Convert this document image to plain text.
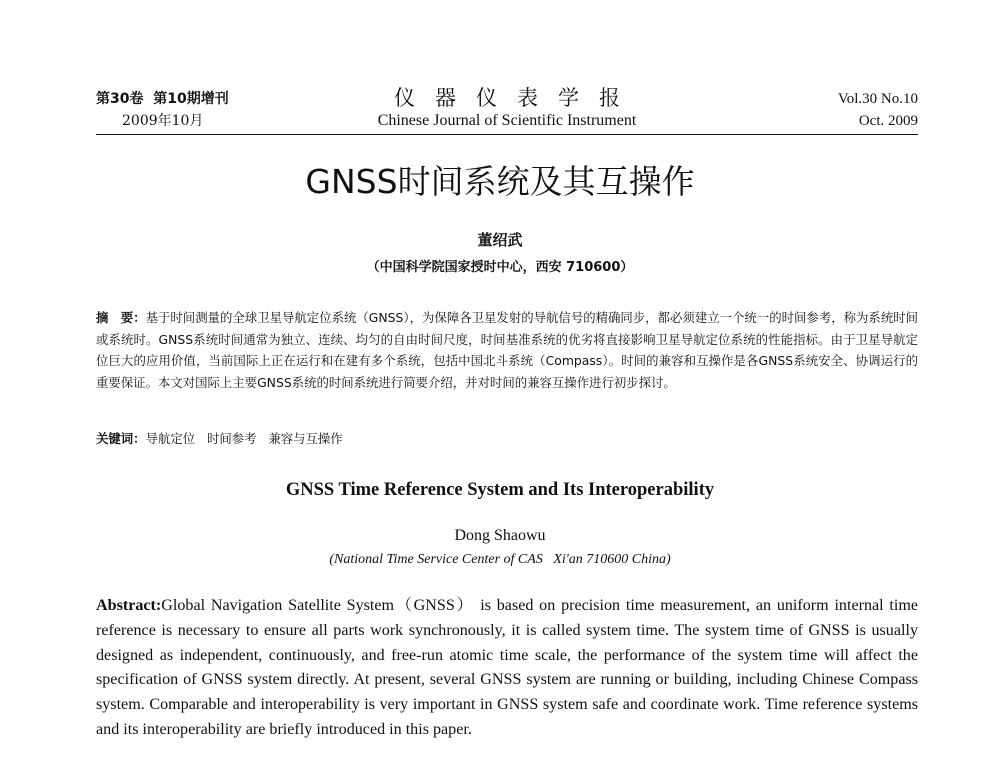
第30卷  第10期增刊
2009年10月
仪器仪表学报
Chinese Journal of Scientific Instrument
Vol.30 No.10
Oct. 2009
GNSS时间系统及其互操作
董绍武
（中国科学院国家授时中心，西安 710600）
摘　要：基于时间测量的全球卫星导航定位系统（GNSS），为保障各卫星发射的导航信号的精确同步，都必须建立一个统一的时间参考，称为系统时间或系统时。GNSS系统时间通常为独立、连续、均匀的自由时间尺度，时间基准系统的优劣将直接影响卫星导航定位系统的性能指标。由于卫星导航定位巨大的应用价值，当前国际上正在运行和在建有多个系统，包括中国北斗系统（Compass）。时间的兼容和互操作是各GNSS系统安全、协调运行的重要保证。本文对国际上主要GNSS系统的时间系统进行简要介绍，并对时间的兼容互操作进行初步探讨。
关键词：导航定位   时间参考   兼容与互操作
GNSS Time Reference System and Its Interoperability
Dong Shaowu
(National Time Service Center of CAS   Xi'an 710600 China)
Abstract:Global Navigation Satellite System（GNSS） is based on precision time measurement, an uniform internal time reference is necessary to ensure all parts work synchronously, it is called system time. The system time of GNSS is usually designed as independent, continuously, and free-run atomic time scale, the performance of the system time will affect the specification of GNSS system directly. At present, several GNSS system are running or building, including Chinese Compass system. Comparable and interoperability is very important in GNSS system safe and coordinate work. Time reference systems and its interoperability are briefly introduced in this paper.
